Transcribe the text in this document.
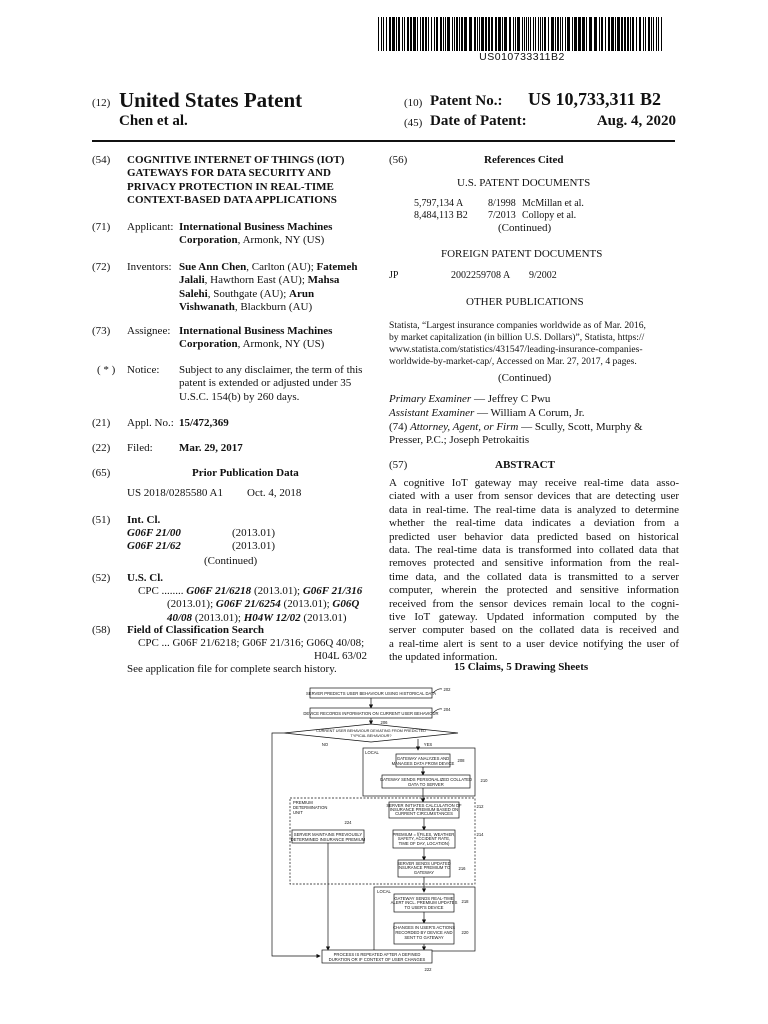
US010733311B2
(12) United States Patent
Chen et al.
(10) Patent No.: US 10,733,311 B2
(45) Date of Patent:	Aug. 4, 2020
(54) COGNITIVE INTERNET OF THINGS (IOT)
GATEWAYS FOR DATA SECURITY AND
PRIVACY PROTECTION IN REAL-TIME
CONTEXT-BASED DATA APPLICATIONS
(71) Applicant: International Business Machines
Corporation, Armonk, NY (US)
(72) Inventors: Sue Ann Chen, Carlton (AU); Fatemeh
Jalali, Hawthorn East (AU); Mahsa
Salehi, Southgate (AU); Arun
Vishwanath, Blackburn (AU)
(73) Assignee: International Business Machines
Corporation, Armonk, NY (US)
( * ) Notice: Subject to any disclaimer, the term of this
patent is extended or adjusted under 35
U.S.C. 154(b) by 260 days.
(21) Appl. No.: 15/472,369
(22) Filed: Mar. 29, 2017
(65)	Prior Publication Data
US 2018/0285580 A1 Oct. 4, 2018
(51) Int. Cl.
G06F 21/00	(2013.01)
G06F 21/62	(2013.01)
(Continued)
(52) U.S. Cl.
CPC ........ G06F 21/6218 (2013.01); G06F 21/316
(2013.01); G06F 21/6254 (2013.01); G06Q
40/08 (2013.01); H04W 12/02 (2013.01)
(58) Field of Classification Search
CPC ... G06F 21/6218; G06F 21/316; G06Q 40/08;
H04L 63/02
See application file for complete search history.
(56)	References Cited
U.S. PATENT DOCUMENTS
5,797,134 A 8/1998 McMillan et al.
8,484,113 B2 7/2013 Collopy et al.
(Continued)
FOREIGN PATENT DOCUMENTS
JP	2002259708 A 9/2002
OTHER PUBLICATIONS
Statista, “Largest insurance companies worldwide as of Mar. 2016,
by market capitalization (in billion U.S. Dollars)”, Statista, https://
www.statista.com/statistics/431547/leading-insurance-companies-
worldwide-by-market-cap/, Accessed on Mar. 27, 2017, 4 pages.
(Continued)
Primary Examiner — Jeffrey C Pwu
Assistant Examiner — William A Corum, Jr.
(74) Attorney, Agent, or Firm — Scully, Scott, Murphy &
Presser, P.C.; Joseph Petrokaitis
(57)	ABSTRACT
A cognitive IoT gateway may receive real-time data asso-
ciated with a user from sensor devices that are detecting user
data in real-time. The real-time data is analyzed to determine
whether the real-time data indicates a deviation from a
predicted user behavior data predicted based on historical
data. The real-time data is transformed into collated data that
removes protected and sensitive information from the real-
time data, and the collated data is transmitted to a server
computer, wherein the protected and sensitive information
received from the sensor devices remain local to the cogni-
tive IoT gateway. Updated information computed by the
server computer based on the collated data is received and
a real-time alert is sent to a user device notifying the user of
the updated information.
15 Claims, 5 Drawing Sheets
SERVER PREDICTS USER BEHAVIOUR USING HISTORICAL DATA
202
DEVICE RECORDS INFORMATION ON CURRENT USER BEHAVIOUR
204
CURRENT USER BEHAVIOUR DEVIATING FROM PREDICTED
TYPICAL BEHAVIOUR?
206
NO	YES
LOCAL
GATEWAY ANALYZES AND
MANAGES DATA FROM DEVICE
208
GATEWAY SENDS PERSONALIZED COLLATED
DATA TO SERVER
210
PREMIUM
DETERMINATION
UNIT
SERVER INITIATES CALCULATION OF
INSURANCE PREMIUM BASED ON
CURRENT CIRCUMSTANCES
212
PREMIUM = f(FILES, WEATHER,
SAFETY, ACCIDENT RATE,
TIME OF DAY, LOCATION)
214
SERVER MAINTAINS PREVIOUSLY
DETERMINED INSURANCE PREMIUM
224
SERVER SENDS UPDATED
INSURANCE PREMIUM TO
GATEWAY
216
LOCAL
GATEWAY SENDS REAL-TIME
ALERT INCL. PREMIUM UPDATES
TO USER'S DEVICE
218
CHANGES IN USER'S ACTIONS
RECORDED BY DEVICE AND
SENT TO GATEWAY
220
PROCESS IS REPEATED AFTER A DEFINED
DURATION OR IF CONTEXT OF USER CHANGES
222
